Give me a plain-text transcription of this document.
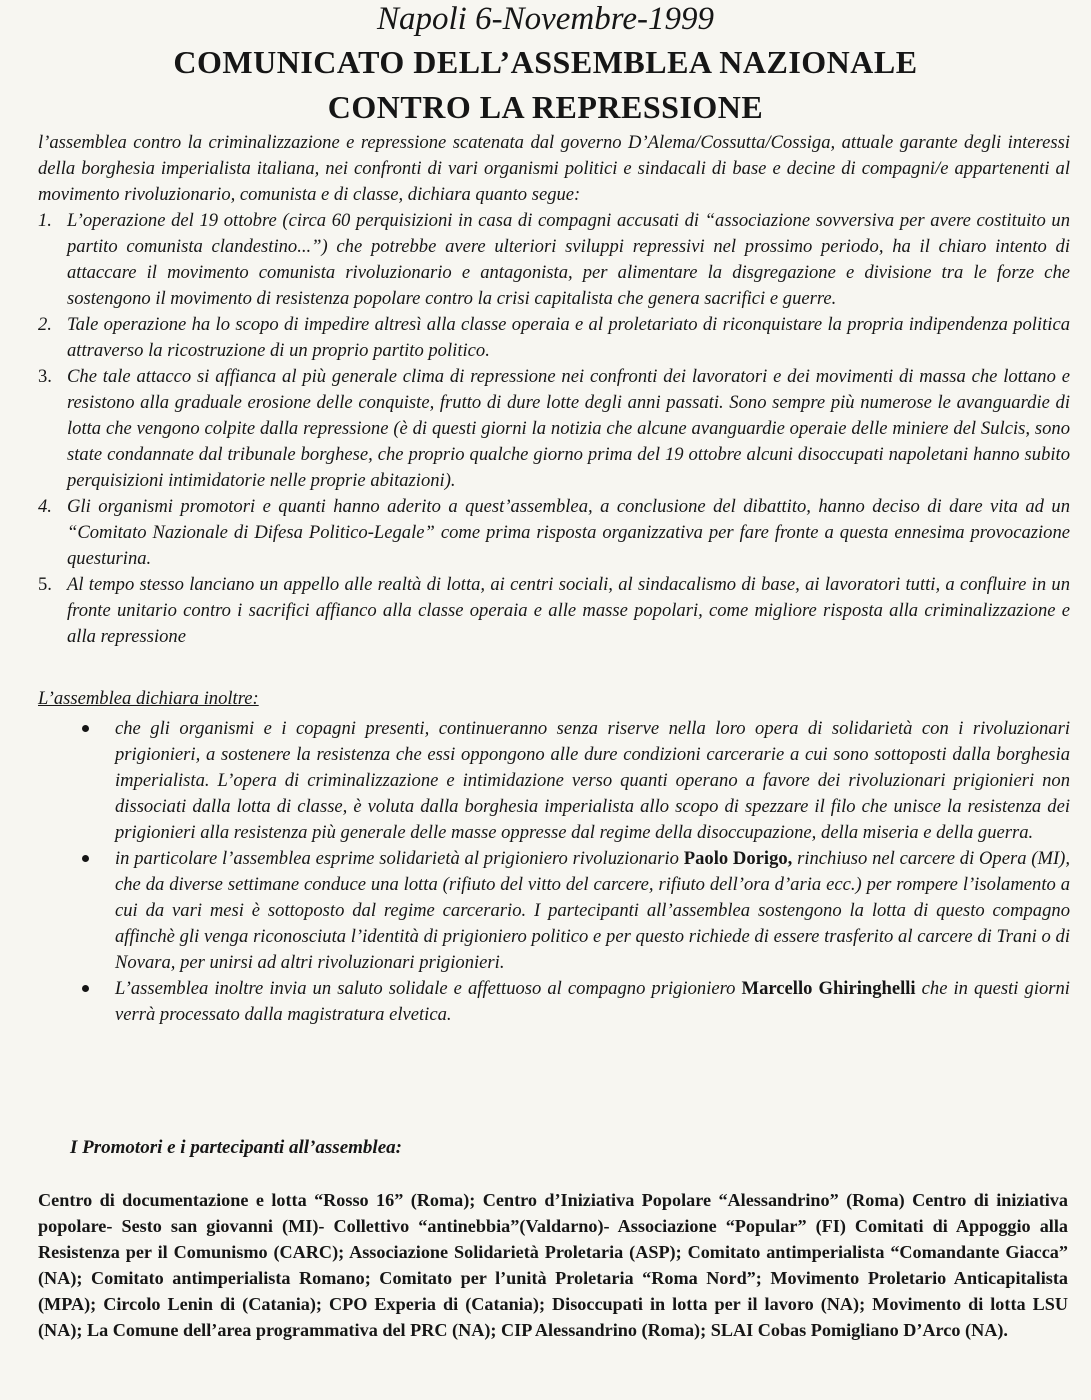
Napoli 6-Novembre-1999
COMUNICATO DELL’ASSEMBLEA NAZIONALE
CONTRO LA REPRESSIONE

l’assemblea contro la criminalizzazione e repressione scatenata dal governo D’Alema/Cossutta/Cossiga, attuale garante degli interessi della borghesia imperialista italiana, nei confronti di vari organismi politici e sindacali di base e decine di compagni/e appartenenti al movimento rivoluzionario, comunista e di classe, dichiara quanto segue:

1. L’operazione del 19 ottobre (circa 60 perquisizioni in casa di compagni accusati di “associazione sovversiva per avere costituito un partito comunista clandestino...”) che potrebbe avere ulteriori sviluppi repressivi nel prossimo periodo, ha il chiaro intento di attaccare il movimento comunista rivoluzionario e antagonista, per alimentare la disgregazione e divisione tra le forze che sostengono il movimento di resistenza popolare contro la crisi capitalista che genera sacrifici e guerre.
2. Tale operazione ha lo scopo di impedire altresì alla classe operaia e al proletariato di riconquistare la propria indipendenza politica attraverso la ricostruzione di un proprio partito politico.
3. Che tale attacco si affianca al più generale clima di repressione nei confronti dei lavoratori e dei movimenti di massa che lottano e resistono alla graduale erosione delle conquiste, frutto di dure lotte degli anni passati. Sono sempre più numerose le avanguardie di lotta che vengono colpite dalla repressione (è di questi giorni la notizia che alcune avanguardie operaie delle miniere del Sulcis, sono state condannate dal tribunale borghese, che proprio qualche giorno prima del 19 ottobre alcuni disoccupati napoletani hanno subito perquisizioni intimidatorie nelle proprie abitazioni).
4. Gli organismi promotori e quanti hanno aderito a quest’assemblea, a conclusione del dibattito, hanno deciso di dare vita ad un “Comitato Nazionale di Difesa Politico-Legale” come prima risposta organizzativa per fare fronte a questa ennesima provocazione questurina.
5. Al tempo stesso lanciano un appello alle realtà di lotta, ai centri sociali, al sindacalismo di base, ai lavoratori tutti, a confluire in un fronte unitario contro i sacrifici affianco alla classe operaia e alle masse popolari, come migliore risposta alla criminalizzazione e alla repressione

L’assemblea dichiara inoltre:

che gli organismi e i copagni presenti, continueranno senza riserve nella loro opera di solidarietà con i rivoluzionari prigionieri, a sostenere la resistenza che essi oppongono alle dure condizioni carcerarie a cui sono sottoposti dalla borghesia imperialista. L’opera di criminalizzazione e intimidazione verso quanti operano a favore dei rivoluzionari prigionieri non dissociati dalla lotta di classe, è voluta dalla borghesia imperialista allo scopo di spezzare il filo che unisce la resistenza dei prigionieri alla resistenza più generale delle masse oppresse dal regime della disoccupazione, della miseria e della guerra.
in particolare l’assemblea esprime solidarietà al prigioniero rivoluzionario Paolo Dorigo, rinchiuso nel carcere di Opera (MI), che da diverse settimane conduce una lotta (rifiuto del vitto del carcere, rifiuto dell’ora d’aria ecc.) per rompere l’isolamento a cui da vari mesi è sottoposto dal regime carcerario. I partecipanti all’assemblea sostengono la lotta di questo compagno affinchè gli venga riconosciuta l’identità di prigioniero politico e per questo richiede di essere trasferito al carcere di Trani o di Novara, per unirsi ad altri rivoluzionari prigionieri.
L’assemblea inoltre invia un saluto solidale e affettuoso al compagno prigioniero Marcello Ghiringhelli che in questi giorni verrà processato dalla magistratura elvetica.
I Promotori e i partecipanti all’assemblea:
Centro di documentazione e lotta “Rosso 16” (Roma); Centro d’Iniziativa Popolare “Alessandrino” (Roma) Centro di iniziativa popolare- Sesto san giovanni (MI)- Collettivo “antinebbia”(Valdarno)- Associazione “Popular” (FI) Comitati di Appoggio alla Resistenza per il Comunismo (CARC); Associazione Solidarietà Proletaria (ASP); Comitato antimperialista “Comandante Giacca” (NA); Comitato antimperialista Romano; Comitato per l’unità Proletaria “Roma Nord”; Movimento Proletario Anticapitalista (MPA); Circolo Lenin di (Catania); CPO Experia di (Catania); Disoccupati in lotta per il lavoro (NA); Movimento di lotta LSU (NA); La Comune dell’area programmativa del PRC (NA); CIP Alessandrino (Roma); SLAI Cobas Pomigliano D’Arco (NA).
